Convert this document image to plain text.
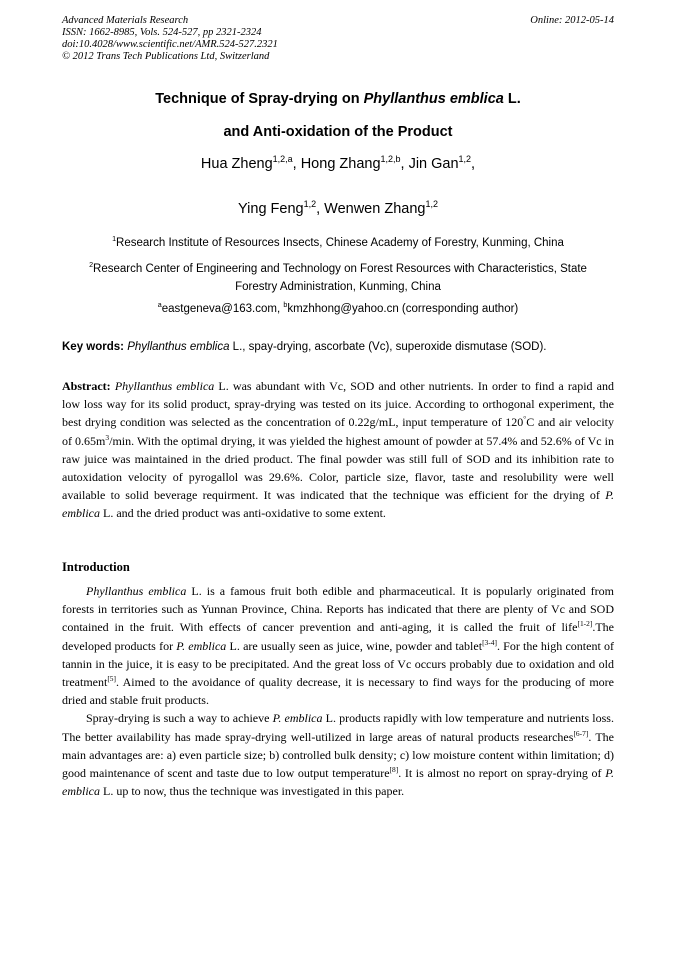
Advanced Materials Research
ISSN: 1662-8985, Vols. 524-527, pp 2321-2324
doi:10.4028/www.scientific.net/AMR.524-527.2321
© 2012 Trans Tech Publications Ltd, Switzerland
Online: 2012-05-14
Technique of Spray-drying on Phyllanthus emblica L.
and Anti-oxidation of the Product
Hua Zheng$^{1,2,a}$, Hong Zhang$^{1,2,b}$, Jin Gan$^{1,2}$,
Ying Feng$^{1,2}$, Wenwen Zhang$^{1,2}$
$^1$Research Institute of Resources Insects, Chinese Academy of Forestry, Kunming, China
$^2$Research Center of Engineering and Technology on Forest Resources with Characteristics, State
Forestry Administration, Kunming, China
$^a$eastgeneva@163.com, $^b$kmzhhong@yahoo.cn (corresponding author)
Key words: Phyllanthus emblica L., spay-drying, ascorbate (Vc), superoxide dismutase (SOD).
Abstract: Phyllanthus emblica L. was abundant with Vc, SOD and other nutrients. In order to find a rapid and low loss way for its solid product, spray-drying was tested on its juice. According to orthogonal experiment, the best drying condition was selected as the concentration of 0.22g/mL, input temperature of 120°C and air velocity of $0.65m^3/\min$. With the optimal drying, it was yielded the highest amount of powder at 57.4% and 52.6% of Vc in raw juice was maintained in the dried product. The final powder was still full of SOD and its inhibition rate to autoxidation velocity of pyrogallol was 29.6%. Color, particle size, flavor, taste and resolubility were well available to solid beverage requirment. It was indicated that the technique was efficient for the drying of P. emblica L. and the dried product was anti-oxidative to some extent.
Introduction

Phyllanthus emblica L. is a famous fruit both edible and pharmaceutical. It is popularly originated from forests in territories such as Yunnan Province, China. Reports has indicated that there are plenty of Vc and SOD contained in the fruit. With effects of cancer prevention and anti-aging, it is called the fruit of life[1-2].The developed products for P. emblica L. are usually seen as juice, wine, powder and tablet[3-4]. For the high content of tannin in the juice, it is easy to be precipitated. And the great loss of Vc occurs probably due to oxidation and old treatment[5]. Aimed to the avoidance of quality decrease, it is necessary to find ways for the producing of more dried and stable fruit products.

Spray-drying is such a way to achieve P. emblica L. products rapidly with low temperature and nutrients loss. The better availability has made spray-drying well-utilized in large areas of natural products researches[6-7]. The main advantages are: a) even particle size; b) controlled bulk density; c) low moisture content within limitation; d) good maintenance of scent and taste due to low output temperature[8]. It is almost no report on spray-drying of P. emblica L. up to now, thus the technique was investigated in this paper.
